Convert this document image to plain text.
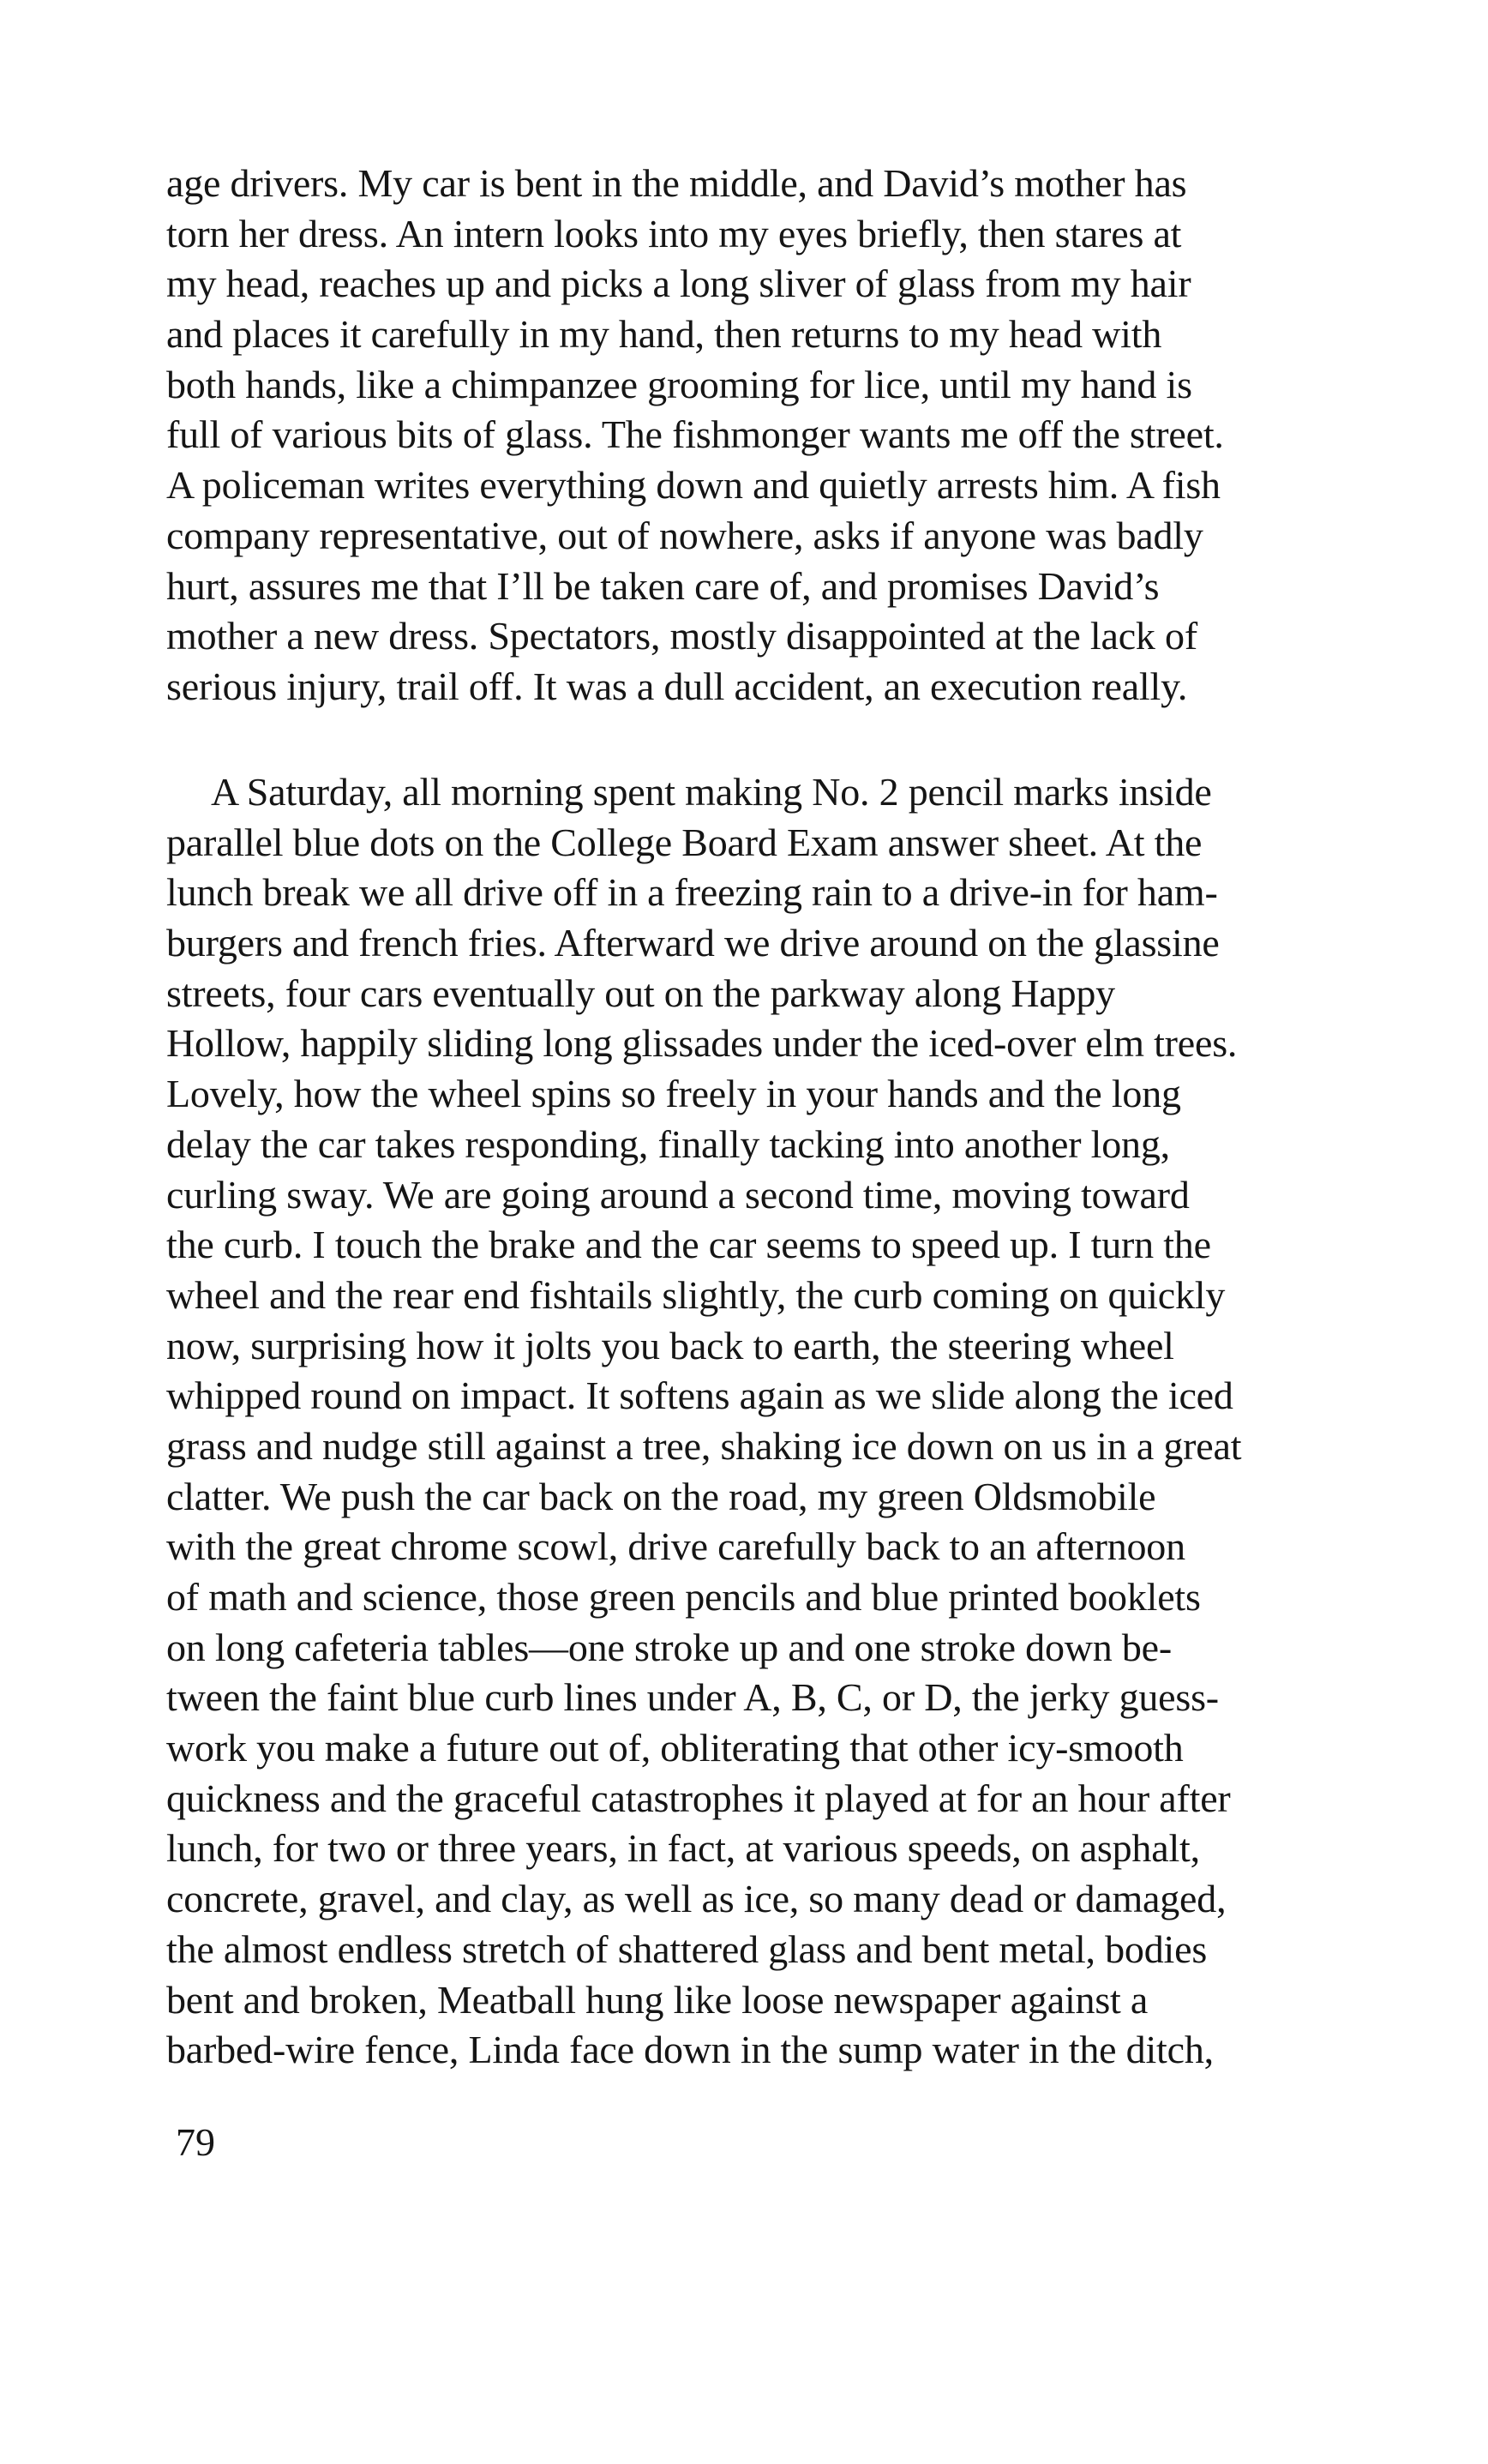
age drivers. My car is bent in the middle, and David’s mother has
torn her dress. An intern looks into my eyes briefly, then stares at
my head, reaches up and picks a long sliver of glass from my hair
and places it carefully in my hand, then returns to my head with
both hands, like a chimpanzee grooming for lice, until my hand is
full of various bits of glass. The fishmonger wants me off the street.
A policeman writes everything down and quietly arrests him. A fish
company representative, out of nowhere, asks if anyone was badly
hurt, assures me that I’ll be taken care of, and promises David’s
mother a new dress. Spectators, mostly disappointed at the lack of
serious injury, trail off. It was a dull accident, an execution really.
A Saturday, all morning spent making No. 2 pencil marks inside
parallel blue dots on the College Board Exam answer sheet. At the
lunch break we all drive off in a freezing rain to a drive-in for ham-
burgers and french fries. Afterward we drive around on the glassine
streets, four cars eventually out on the parkway along Happy
Hollow, happily sliding long glissades under the iced-over elm trees.
Lovely, how the wheel spins so freely in your hands and the long
delay the car takes responding, finally tacking into another long,
curling sway. We are going around a second time, moving toward
the curb. I touch the brake and the car seems to speed up. I turn the
wheel and the rear end fishtails slightly, the curb coming on quickly
now, surprising how it jolts you back to earth, the steering wheel
whipped round on impact. It softens again as we slide along the iced
grass and nudge still against a tree, shaking ice down on us in a great
clatter. We push the car back on the road, my green Oldsmobile
with the great chrome scowl, drive carefully back to an afternoon
of math and science, those green pencils and blue printed booklets
on long cafeteria tables—one stroke up and one stroke down be-
tween the faint blue curb lines under A, B, C, or D, the jerky guess-
work you make a future out of, obliterating that other icy-smooth
quickness and the graceful catastrophes it played at for an hour after
lunch, for two or three years, in fact, at various speeds, on asphalt,
concrete, gravel, and clay, as well as ice, so many dead or damaged,
the almost endless stretch of shattered glass and bent metal, bodies
bent and broken, Meatball hung like loose newspaper against a
barbed-wire fence, Linda face down in the sump water in the ditch,
79
